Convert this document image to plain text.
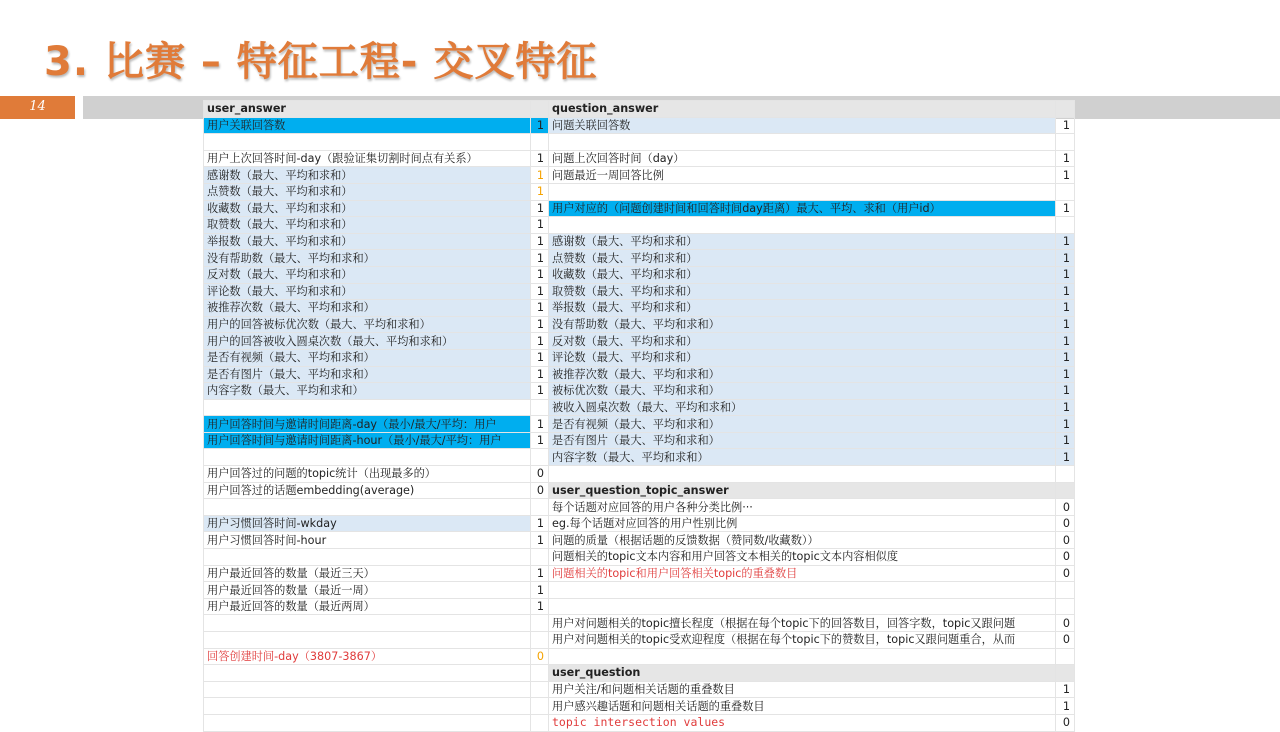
3. 比赛 – 特征工程- 交叉特征
14	user_answer		question_answer	
用户关联回答数	1	问题关联回答数	1

用户上次回答时间-day（跟验证集切割时间点有关系）	1	问题上次回答时间（day）	1
感谢数（最大、平均和求和）	1	问题最近一周回答比例	1
点赞数（最大、平均和求和）	1		
收藏数（最大、平均和求和）	1	用户对应的（问题创建时间和回答时间day距离）最大、平均、求和（用户id）	1
取赞数（最大、平均和求和）	1		
举报数（最大、平均和求和）	1	感谢数（最大、平均和求和）	1
没有帮助数（最大、平均和求和）	1	点赞数（最大、平均和求和）	1
反对数（最大、平均和求和）	1	收藏数（最大、平均和求和）	1
评论数（最大、平均和求和）	1	取赞数（最大、平均和求和）	1
被推荐次数（最大、平均和求和）	1	举报数（最大、平均和求和）	1
用户的回答被标优次数（最大、平均和求和）	1	没有帮助数（最大、平均和求和）	1
用户的回答被收入圆桌次数（最大、平均和求和）	1	反对数（最大、平均和求和）	1
是否有视频（最大、平均和求和）	1	评论数（最大、平均和求和）	1
是否有图片（最大、平均和求和）	1	被推荐次数（最大、平均和求和）	1
内容字数（最大、平均和求和）	1	被标优次数（最大、平均和求和）	1
		被收入圆桌次数（最大、平均和求和）	1
用户回答时间与邀请时间距离-day（最小/最大/平均：用户	1	是否有视频（最大、平均和求和）	1
用户回答时间与邀请时间距离-hour（最小/最大/平均：用户	1	是否有图片（最大、平均和求和）	1
		内容字数（最大、平均和求和）	1
用户回答过的问题的topic统计（出现最多的）	0		
用户回答过的话题embedding(average)	0	user_question_topic_answer	
		每个话题对应回答的用户各种分类比例···	0
用户习惯回答时间-wkday	1	eg.每个话题对应回答的用户性别比例	0
用户习惯回答时间-hour	1	问题的质量（根据话题的反馈数据（赞同数/收藏数））	0
		问题相关的topic文本内容和用户回答文本相关的topic文本内容相似度	0
用户最近回答的数量（最近三天）	1	问题相关的topic和用户回答相关topic的重叠数目	0
用户最近回答的数量（最近一周）	1		
用户最近回答的数量（最近两周）	1		
		用户对问题相关的topic擅长程度（根据在每个topic下的回答数目，回答字数，topic又跟问题	0
		用户对问题相关的topic受欢迎程度（根据在每个topic下的赞数目，topic又跟问题重合，从而	0
回答创建时间-day（3807-3867）	0		
		user_question	
		用户关注/和问题相关话题的重叠数目	1
		用户感兴趣话题和问题相关话题的重叠数目	1
		topic intersection values	0
